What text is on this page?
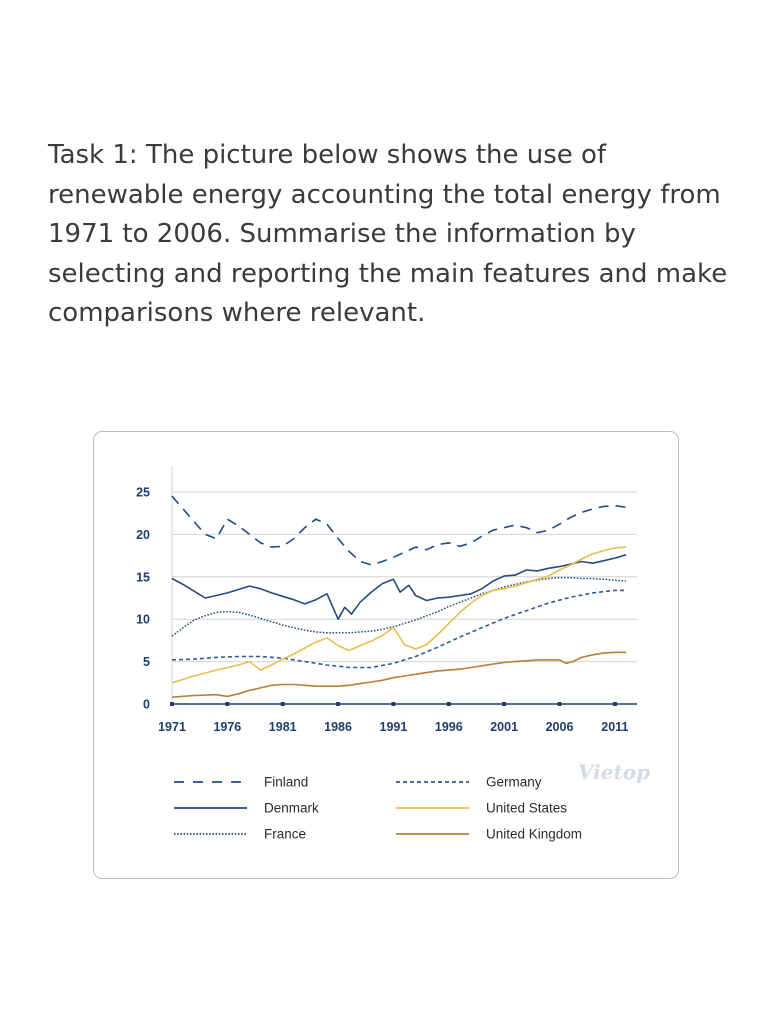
Task 1: The picture below shows the use of renewable energy accounting the total energy from 1971 to 2006. Summarise the information by selecting and reporting the main features and make comparisons where relevant.

0
5
10
15
20
25
1971 1976 1981 1986 1991 1996 2001 2006 2011
Finland
Denmark
France
Germany
United States
United Kingdom
Vietop
